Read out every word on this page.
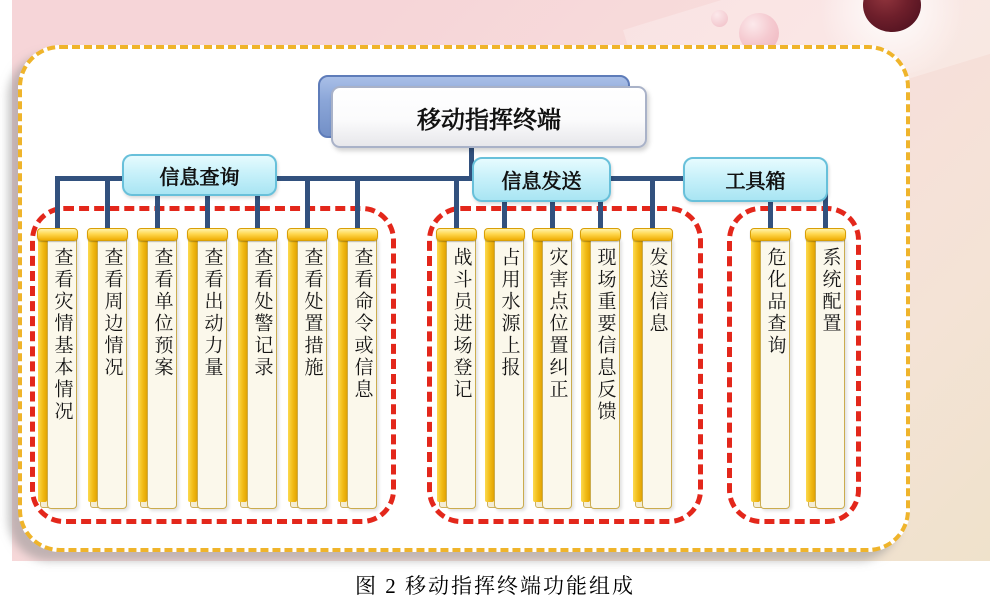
移动指挥终端
信息查询	信息发送	工具箱
查看灾情基本情况 查看周边情况 查看单位预案 查看出动力量 查看处警记录 查看处置措施 查看命令或信息	战斗员进场登记 占用水源上报 灾害点位置纠正 现场重要信息反馈 发送信息	危化品查询 系统配置
图 2 移动指挥终端功能组成
